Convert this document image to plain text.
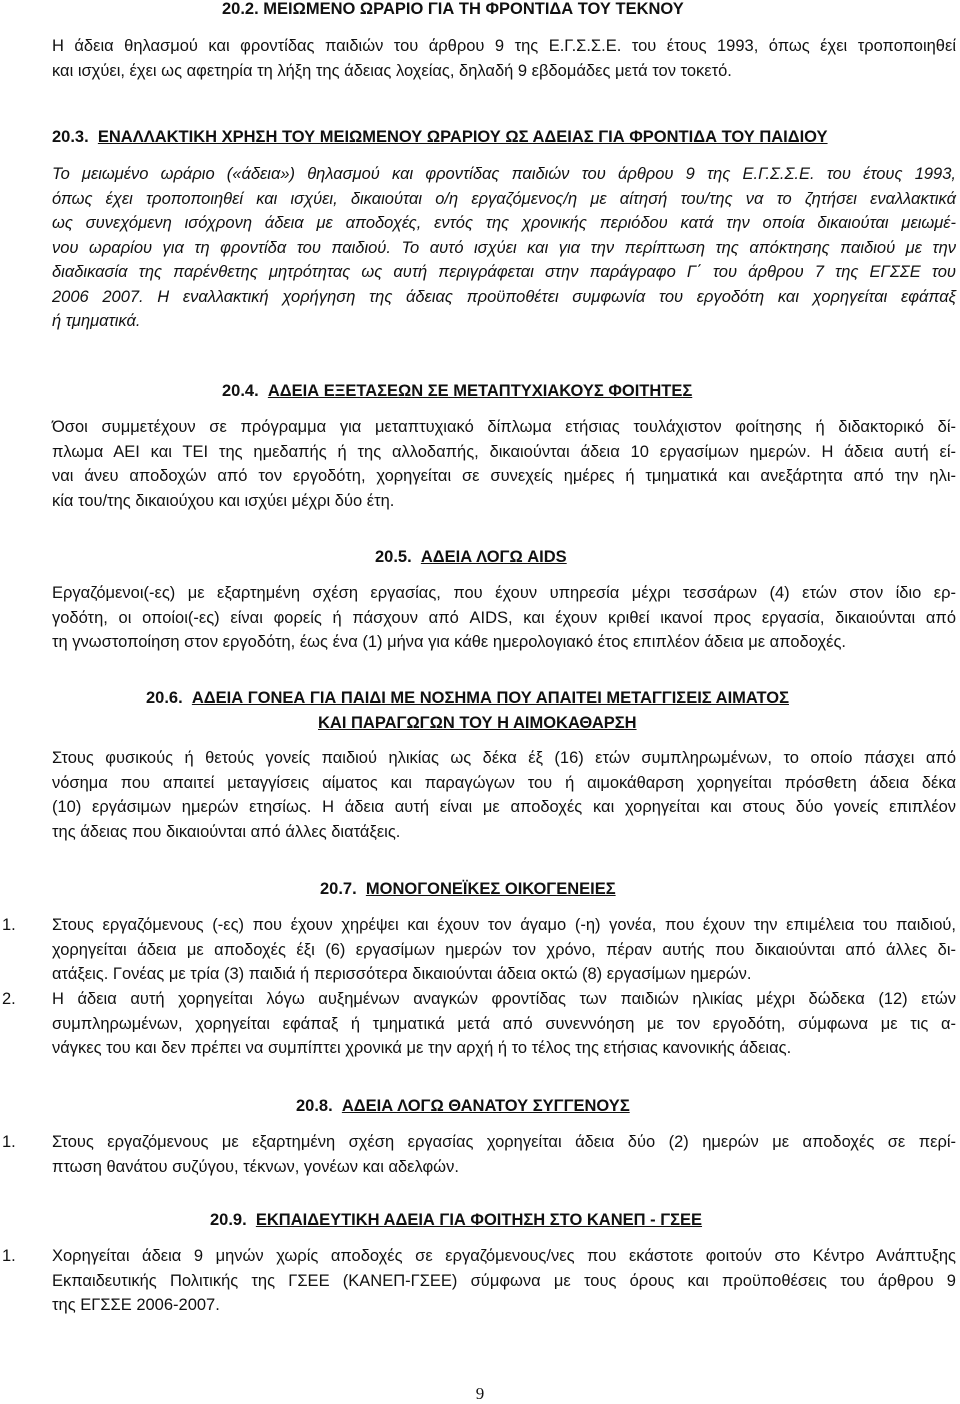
20.2. ΜΕΙΩΜΕΝΟ ΩΡΑΡΙΟ ΓΙΑ ΤΗ ΦΡΟΝΤΙΔΑ ΤΟΥ ΤΕΚΝΟΥ
Η άδεια θηλασμού και φροντίδας παιδιών του άρθρου 9 της Ε.Γ.Σ.Σ.Ε. του έτους 1993, όπως έχει τροποποιηθεί
και ισχύει, έχει ως αφετηρία τη λήξη της άδειας λοχείας, δηλαδή 9 εβδομάδες μετά τον τοκετό.
20.3. ΕΝΑΛΛΑΚΤΙΚΗ ΧΡΗΣΗ ΤΟΥ ΜΕΙΩΜΕΝΟΥ ΩΡΑΡΙΟΥ ΩΣ ΑΔΕΙΑΣ ΓΙΑ ΦΡΟΝΤΙΔΑ ΤΟΥ ΠΑΙΔΙΟΥ
Το μειωμένο ωράριο («άδεια») θηλασμού και φροντίδας παιδιών του άρθρου 9 της Ε.Γ.Σ.Σ.Ε. του έτους 1993,
όπως έχει τροποποιηθεί και ισχύει, δικαιούται ο/η εργαζόμενος/η με αίτησή του/της να το ζητήσει εναλλακτικά
ως συνεχόμενη ισόχρονη άδεια με αποδοχές, εντός της χρονικής περιόδου κατά την οποία δικαιούται μειωμέ-
νου ωραρίου για τη φροντίδα του παιδιού. Το αυτό ισχύει και για την περίπτωση της απόκτησης παιδιού με την
διαδικασία της παρένθετης μητρότητας ως αυτή περιγράφεται στην παράγραφο Γ΄ του άρθρου 7 της ΕΓΣΣΕ του
2006 2007. Η εναλλακτική χορήγηση της άδειας προϋποθέτει συμφωνία του εργοδότη και χορηγείται εφάπαξ
ή τμηματικά.
20.4. ΑΔΕΙΑ ΕΞΕΤΑΣΕΩΝ ΣΕ ΜΕΤΑΠΤΥΧΙΑΚΟΥΣ ΦΟΙΤΗΤΕΣ
Όσοι συμμετέχουν σε πρόγραμμα για μεταπτυχιακό δίπλωμα ετήσιας τουλάχιστον φοίτησης ή διδακτορικό δί-
πλωμα ΑΕΙ και ΤΕΙ της ημεδαπής ή της αλλοδαπής, δικαιούνται άδεια 10 εργασίμων ημερών. Η άδεια αυτή εί-
ναι άνευ αποδοχών από τον εργοδότη, χορηγείται σε συνεχείς ημέρες ή τμηματικά και ανεξάρτητα από την ηλι-
κία του/της δικαιούχου και ισχύει μέχρι δύο έτη.
20.5. ΑΔΕΙΑ ΛΟΓΩ AIDS
Εργαζόμενοι(-ες) με εξαρτημένη σχέση εργασίας, που έχουν υπηρεσία μέχρι τεσσάρων (4) ετών στον ίδιο ερ-
γοδότη, οι οποίοι(-ες) είναι φορείς ή πάσχουν από AIDS, και έχουν κριθεί ικανοί προς εργασία, δικαιούνται από
τη γνωστοποίηση στον εργοδότη, έως ένα (1) μήνα για κάθε ημερολογιακό έτος επιπλέον άδεια με αποδοχές.
20.6. ΑΔΕΙΑ ΓΟΝΕΑ ΓΙΑ ΠΑΙΔΙ ΜΕ ΝΟΣΗΜΑ ΠΟΥ ΑΠΑΙΤΕΙ ΜΕΤΑΓΓΙΣΕΙΣ ΑΙΜΑΤΟΣ
ΚΑΙ ΠΑΡΑΓΩΓΩΝ ΤΟΥ Η ΑΙΜΟΚΑΘΑΡΣΗ
Στους φυσικούς ή θετούς γονείς παιδιού ηλικίας ως δέκα έξ (16) ετών συμπληρωμένων, το οποίο πάσχει από
νόσημα που απαιτεί μεταγγίσεις αίματος και παραγώγων του ή αιμοκάθαρση χορηγείται πρόσθετη άδεια δέκα
(10) εργάσιμων ημερών ετησίως. Η άδεια αυτή είναι με αποδοχές και χορηγείται και στους δύο γονείς επιπλέον
της άδειας που δικαιούνται από άλλες διατάξεις.
20.7. ΜΟΝΟΓΟΝΕΪΚΕΣ ΟΙΚΟΓΕΝΕΙΕΣ
1. Στους εργαζόμενους (-ες) που έχουν χηρέψει και έχουν τον άγαμο (-η) γονέα, που έχουν την επιμέλεια του παιδιού,
χορηγείται άδεια με αποδοχές έξι (6) εργασίμων ημερών τον χρόνο, πέραν αυτής που δικαιούνται από άλλες δι-
ατάξεις. Γονέας με τρία (3) παιδιά ή περισσότερα δικαιούνται άδεια οκτώ (8) εργασίμων ημερών.
2. Η άδεια αυτή χορηγείται λόγω αυξημένων αναγκών φροντίδας των παιδιών ηλικίας μέχρι δώδεκα (12) ετών
συμπληρωμένων, χορηγείται εφάπαξ ή τμηματικά μετά από συνεννόηση με τον εργοδότη, σύμφωνα με τις α-
νάγκες του και δεν πρέπει να συμπίπτει χρονικά με την αρχή ή το τέλος της ετήσιας κανονικής άδειας.
20.8. ΑΔΕΙΑ ΛΟΓΩ ΘΑΝΑΤΟΥ ΣΥΓΓΕΝΟΥΣ
1. Στους εργαζόμενους με εξαρτημένη σχέση εργασίας χορηγείται άδεια δύο (2) ημερών με αποδοχές σε περί-
πτωση θανάτου συζύγου, τέκνων, γονέων και αδελφών.
20.9. ΕΚΠΑΙΔΕΥΤΙΚΗ ΑΔΕΙΑ ΓΙΑ ΦΟΙΤΗΣΗ ΣΤΟ ΚΑΝΕΠ - ΓΣΕΕ
1. Χορηγείται άδεια 9 μηνών χωρίς αποδοχές σε εργαζόμενους/νες που εκάστοτε φοιτούν στο Κέντρο Ανάπτυξης
Εκπαιδευτικής Πολιτικής της ΓΣΕΕ (ΚΑΝΕΠ-ΓΣΕΕ) σύμφωνα με τους όρους και προϋποθέσεις του άρθρου 9
της ΕΓΣΣΕ 2006-2007.
9
